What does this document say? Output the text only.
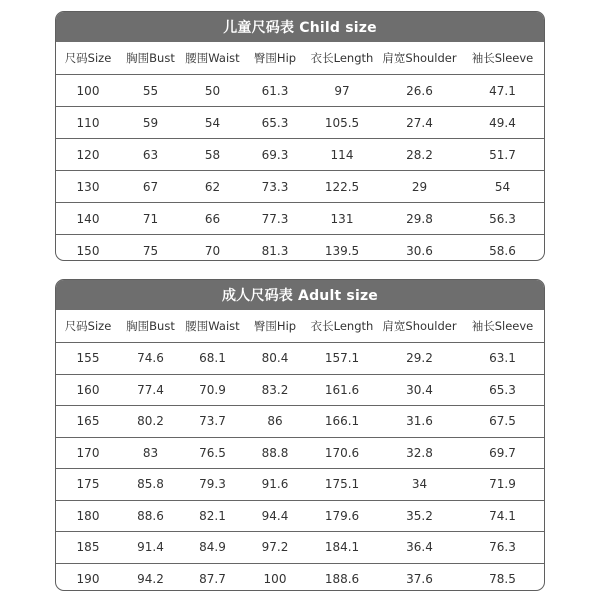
儿童尺码表 Child size
尺码Size	胸围Bust	腰围Waist	臀围Hip	衣长Length	肩宽Shoulder	袖长Sleeve
100	55	50	61.3	97	26.6	47.1
110	59	54	65.3	105.5	27.4	49.4
120	63	58	69.3	114	28.2	51.7
130	67	62	73.3	122.5	29	54
140	71	66	77.3	131	29.8	56.3
150	75	70	81.3	139.5	30.6	58.6
成人尺码表 Adult size
尺码Size	胸围Bust	腰围Waist	臀围Hip	衣长Length	肩宽Shoulder	袖长Sleeve
155	74.6	68.1	80.4	157.1	29.2	63.1
160	77.4	70.9	83.2	161.6	30.4	65.3
165	80.2	73.7	86	166.1	31.6	67.5
170	83	76.5	88.8	170.6	32.8	69.7
175	85.8	79.3	91.6	175.1	34	71.9
180	88.6	82.1	94.4	179.6	35.2	74.1
185	91.4	84.9	97.2	184.1	36.4	76.3
190	94.2	87.7	100	188.6	37.6	78.5
